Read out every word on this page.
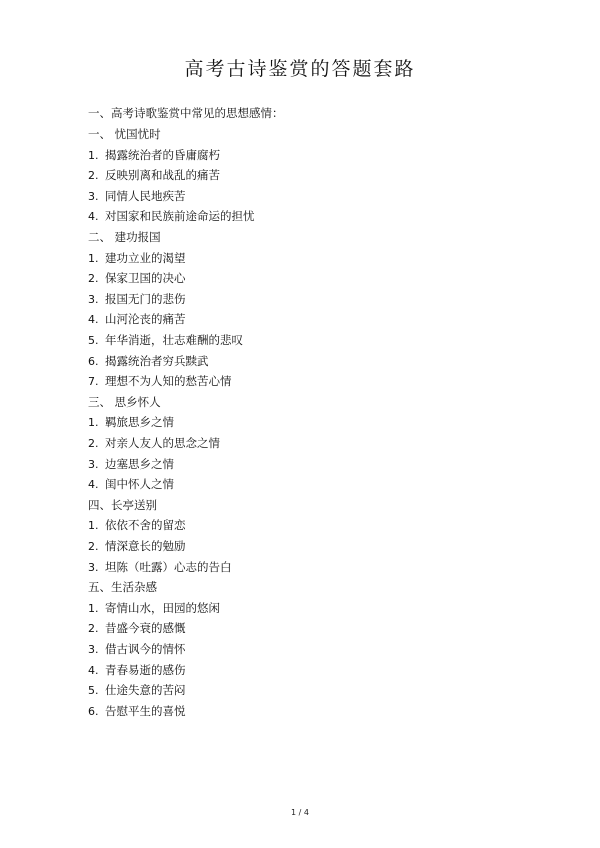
高考古诗鉴赏的答题套路
一、高考诗歌鉴赏中常见的思想感情：
一、 忧国忧时
1. 揭露统治者的昏庸腐朽
2. 反映别离和战乱的痛苦
3. 同情人民地疾苦
4. 对国家和民族前途命运的担忧
二、 建功报国
1. 建功立业的渴望
2. 保家卫国的决心
3. 报国无门的悲伤
4. 山河沦丧的痛苦
5. 年华消逝，壮志难酬的悲叹
6. 揭露统治者穷兵黩武
7. 理想不为人知的愁苦心情
三、 思乡怀人
1. 羁旅思乡之情
2. 对亲人友人的思念之情
3. 边塞思乡之情
4. 闺中怀人之情
四、长亭送别
1. 依依不舍的留恋
2. 情深意长的勉励
3. 坦陈（吐露）心志的告白
五、生活杂感
1. 寄情山水，田园的悠闲
2. 昔盛今衰的感慨
3. 借古讽今的情怀
4. 青春易逝的感伤
5. 仕途失意的苦闷
6. 告慰平生的喜悦
1 / 4
